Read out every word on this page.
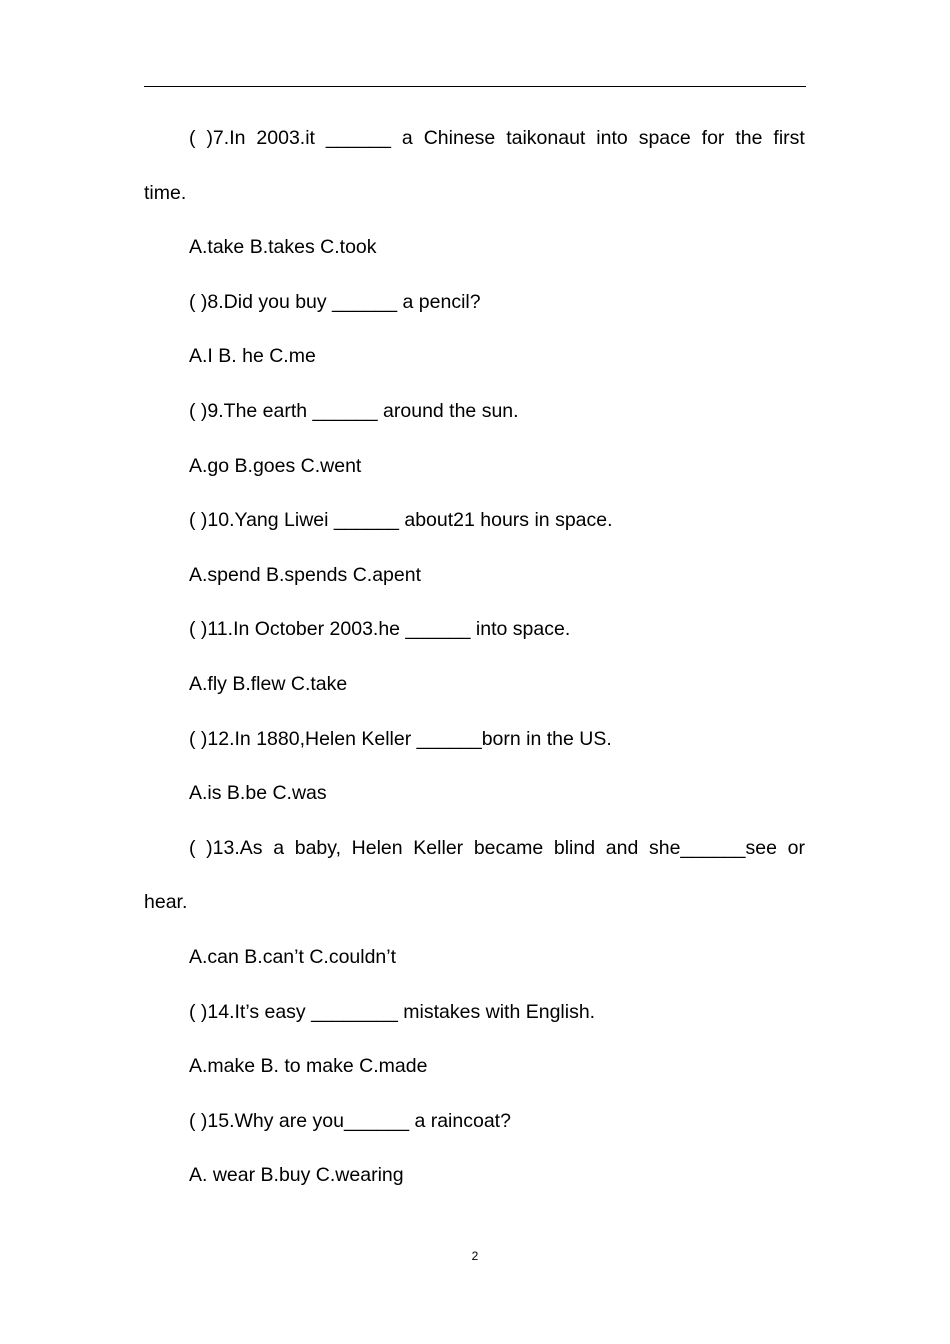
( )7.In 2003.it ______ a Chinese taikonaut into space for the first
time.
A.take B.takes C.took
( )8.Did you buy ______ a pencil?
A.I B. he C.me
( )9.The earth ______ around the sun.
A.go B.goes C.went
( )10.Yang Liwei ______ about21 hours in space.
A.spend B.spends C.apent
( )11.In October 2003.he ______ into space.
A.fly B.flew C.take
( )12.In 1880,Helen Keller ______born in the US.
A.is B.be C.was
( )13.As a baby, Helen Keller became blind and she______see or
hear.
A.can B.can’t C.couldn’t
( )14.It’s easy ________ mistakes with English.
A.make B. to make C.made
( )15.Why are you______ a raincoat?
A. wear B.buy C.wearing
2
